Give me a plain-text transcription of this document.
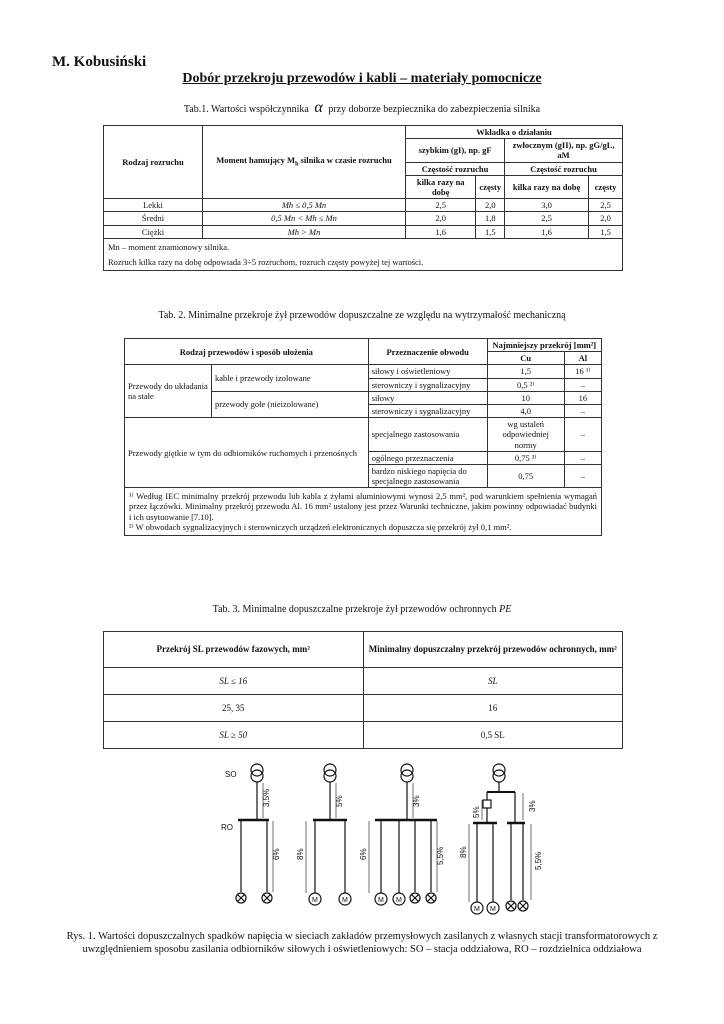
M. Kobusiński
Dobór przekroju przewodów i kabli – materiały pomocnicze
Tab.1. Wartości współczynnika α przy doborze bezpiecznika do zabezpieczenia silnika
Rodzaj rozruchu	Moment hamujący $M_h$ silnika w czasie rozruchu	Wkładka o działaniu			
		szybkim (gI), np. gF		zwłocznym (gII), np. gG/gL, aM	
		Częstość rozruchu		Częstość rozruchu	
		kilka razy na dobę	częsty	kilka razy na dobę	częsty
Lekki	Mh ≤ 0,5 Mn	2,5	2,0	3,0	2,5
Średni	0,5 Mn < Mh ≤ Mn	2,0	1,8	2,5	2,0
Ciężki	Mh > Mn	1,6	1,5	1,6	1,5

Mn – moment znamionowy silnika.
Rozruch kilka razy na dobę odpowiada 3÷5 rozruchom, rozruch częsty powyżej tej wartości.					
Tab. 2. Minimalne przekroje żył przewodów dopuszczalne ze względu na wytrzymałość mechaniczną
Rodzaj przewodów i sposób ułożenia		Przeznaczenie obwodu	Najmniejszy przekrój [mm²]	
			Cu	Al
Przewody do układania na stałe	kable i przewody izolowane	siłowy i oświetleniowy	1,5	16 ¹⁾
		sterowniczy i sygnalizacyjny	0,5 ²⁾	–
	przewody gołe (nieizolowane)	siłowy	10	16
		sterowniczy i sygnalizacyjny	4,0	–
Przewody giętkie w tym do odbiorników ruchomych i przenośnych		specjalnego zastosowania	wg ustaleń odpowiedniej normy	–
		ogólnego przeznaczenia	0,75 ³⁾	–
		bardzo niskiego napięcia do specjalnego zastosowania	0,75	–

¹⁾ Według IEC minimalny przekrój przewodu lub kabla z żyłami aluminiowymi wynosi 2,5 mm², pod warunkiem spełnienia wymagań przez łączówki. Minimalny przekrój przewodu Al. 16 mm² ustalony jest przez Warunki techniczne, jakim powinny odpowiadać budynki i ich usytuowanie [7.10].
²⁾ W obwodach sygnalizacyjnych i sterowniczych urządzeń elektronicznych dopuszcza się przekrój żył 0,1 mm².				
Tab. 3. Minimalne dopuszczalne przekroje żył przewodów ochronnych PE
Przekrój SL przewodów fazowych, mm²	Minimalny dopuszczalny przekrój przewodów ochronnych, mm²
SL ≤ 16	SL
25, 35	16
SL ≥ 50	0,5 SL
SO
RO
3,5%
6%
M	M
5%
8%
M M
3%
6%	5,5%
M M
5%
3%
8%	5,5%
Rys. 1. Wartości dopuszczalnych spadków napięcia w sieciach zakładów przemysłowych zasilanych z własnych stacji transformatorowych z uwzględnieniem sposobu zasilania odbiorników siłowych i oświetleniowych: SO – stacja oddziałowa, RO – rozdzielnica oddziałowa
